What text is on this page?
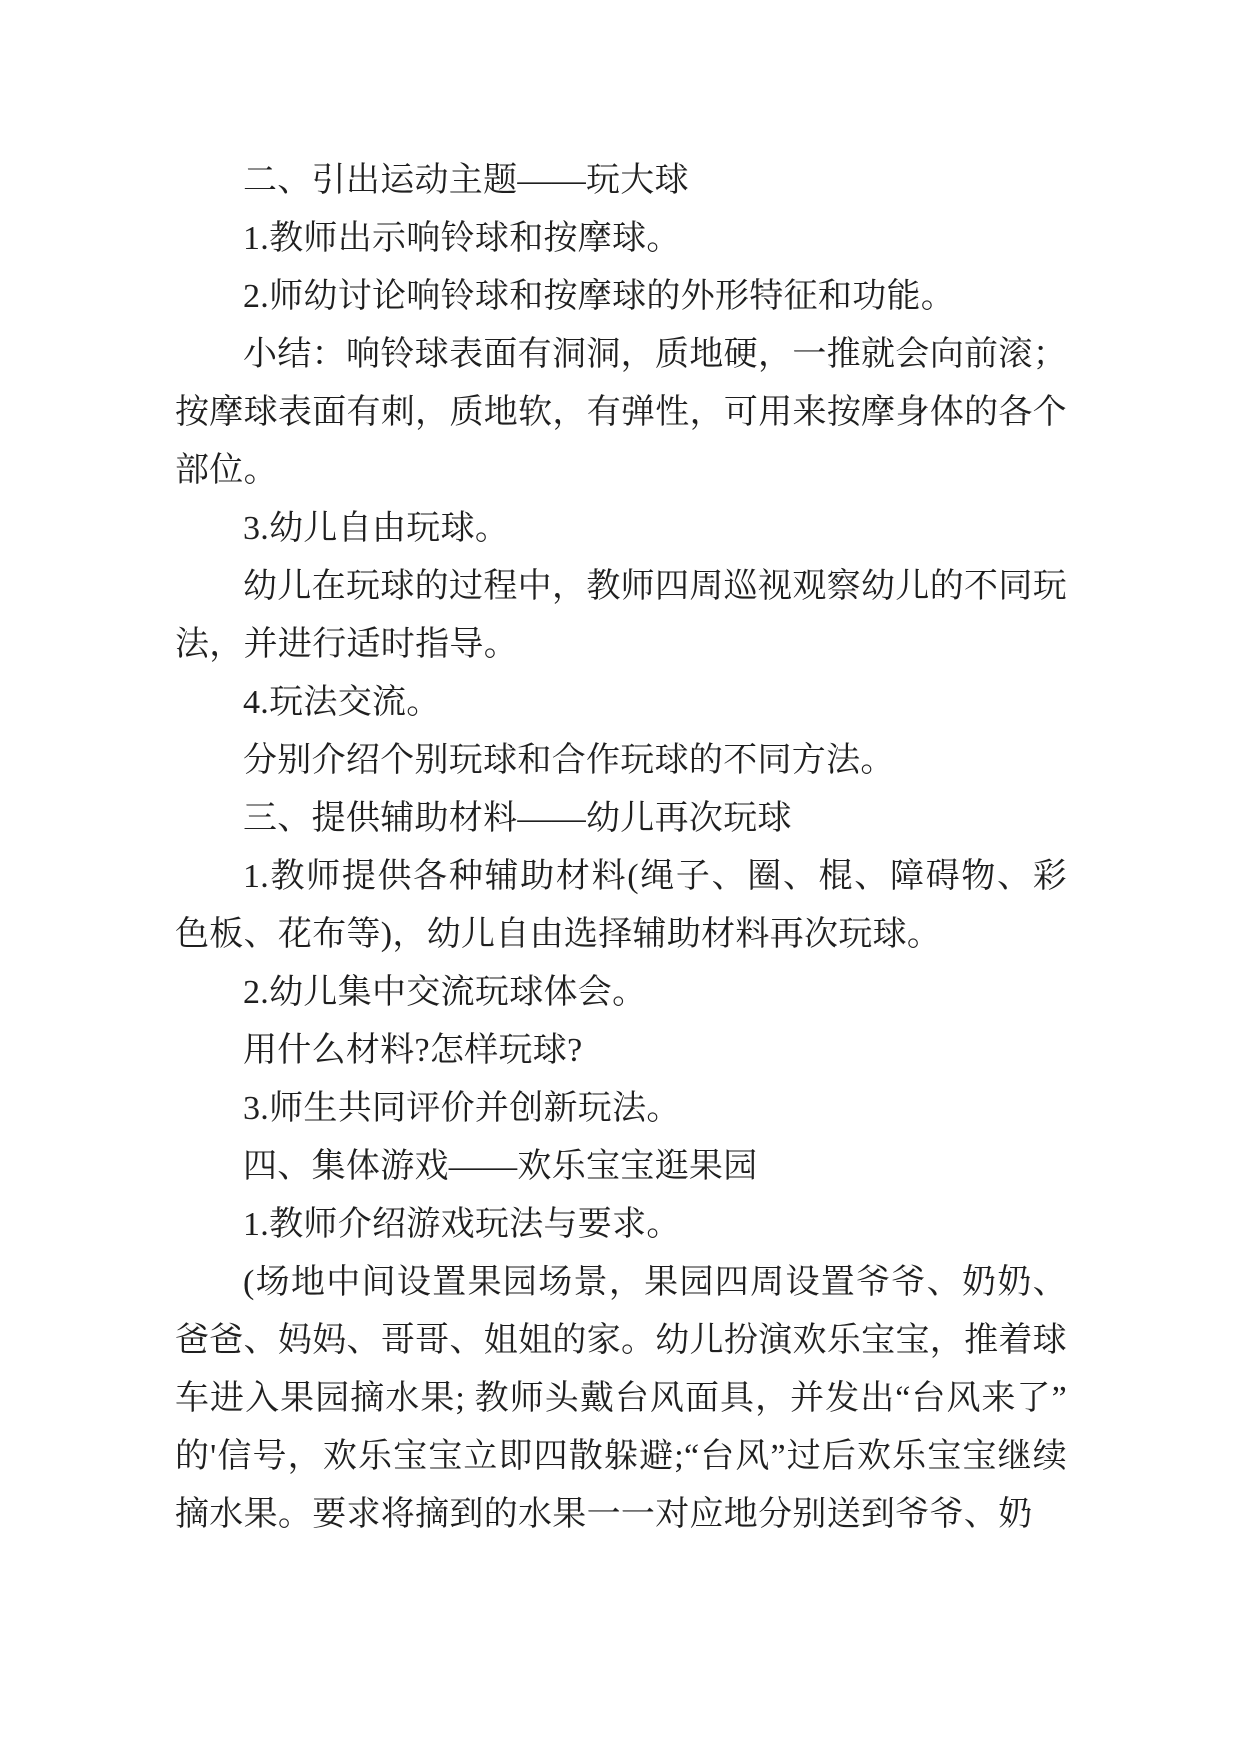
二、引出运动主题——玩大球

1.教师出示响铃球和按摩球。

2.师幼讨论响铃球和按摩球的外形特征和功能。

小结：响铃球表面有洞洞，质地硬，一推就会向前滚；按摩球表面有刺，质地软，有弹性，可用来按摩身体的各个部位。

3.幼儿自由玩球。

幼儿在玩球的过程中，教师四周巡视观察幼儿的不同玩法，并进行适时指导。

4.玩法交流。

分别介绍个别玩球和合作玩球的不同方法。

三、提供辅助材料——幼儿再次玩球

1.教师提供各种辅助材料(绳子、圈、棍、障碍物、彩色板、花布等)，幼儿自由选择辅助材料再次玩球。

2.幼儿集中交流玩球体会。

用什么材料?怎样玩球?

3.师生共同评价并创新玩法。

四、集体游戏——欢乐宝宝逛果园

1.教师介绍游戏玩法与要求。

(场地中间设置果园场景，果园四周设置爷爷、奶奶、爸爸、妈妈、哥哥、姐姐的家。幼儿扮演欢乐宝宝，推着球车进入果园摘水果; 教师头戴台风面具，并发出“台风来了”的'信号，欢乐宝宝立即四散躲避;“台风”过后欢乐宝宝继续摘水果。要求将摘到的水果一一对应地分别送到爷爷、奶
